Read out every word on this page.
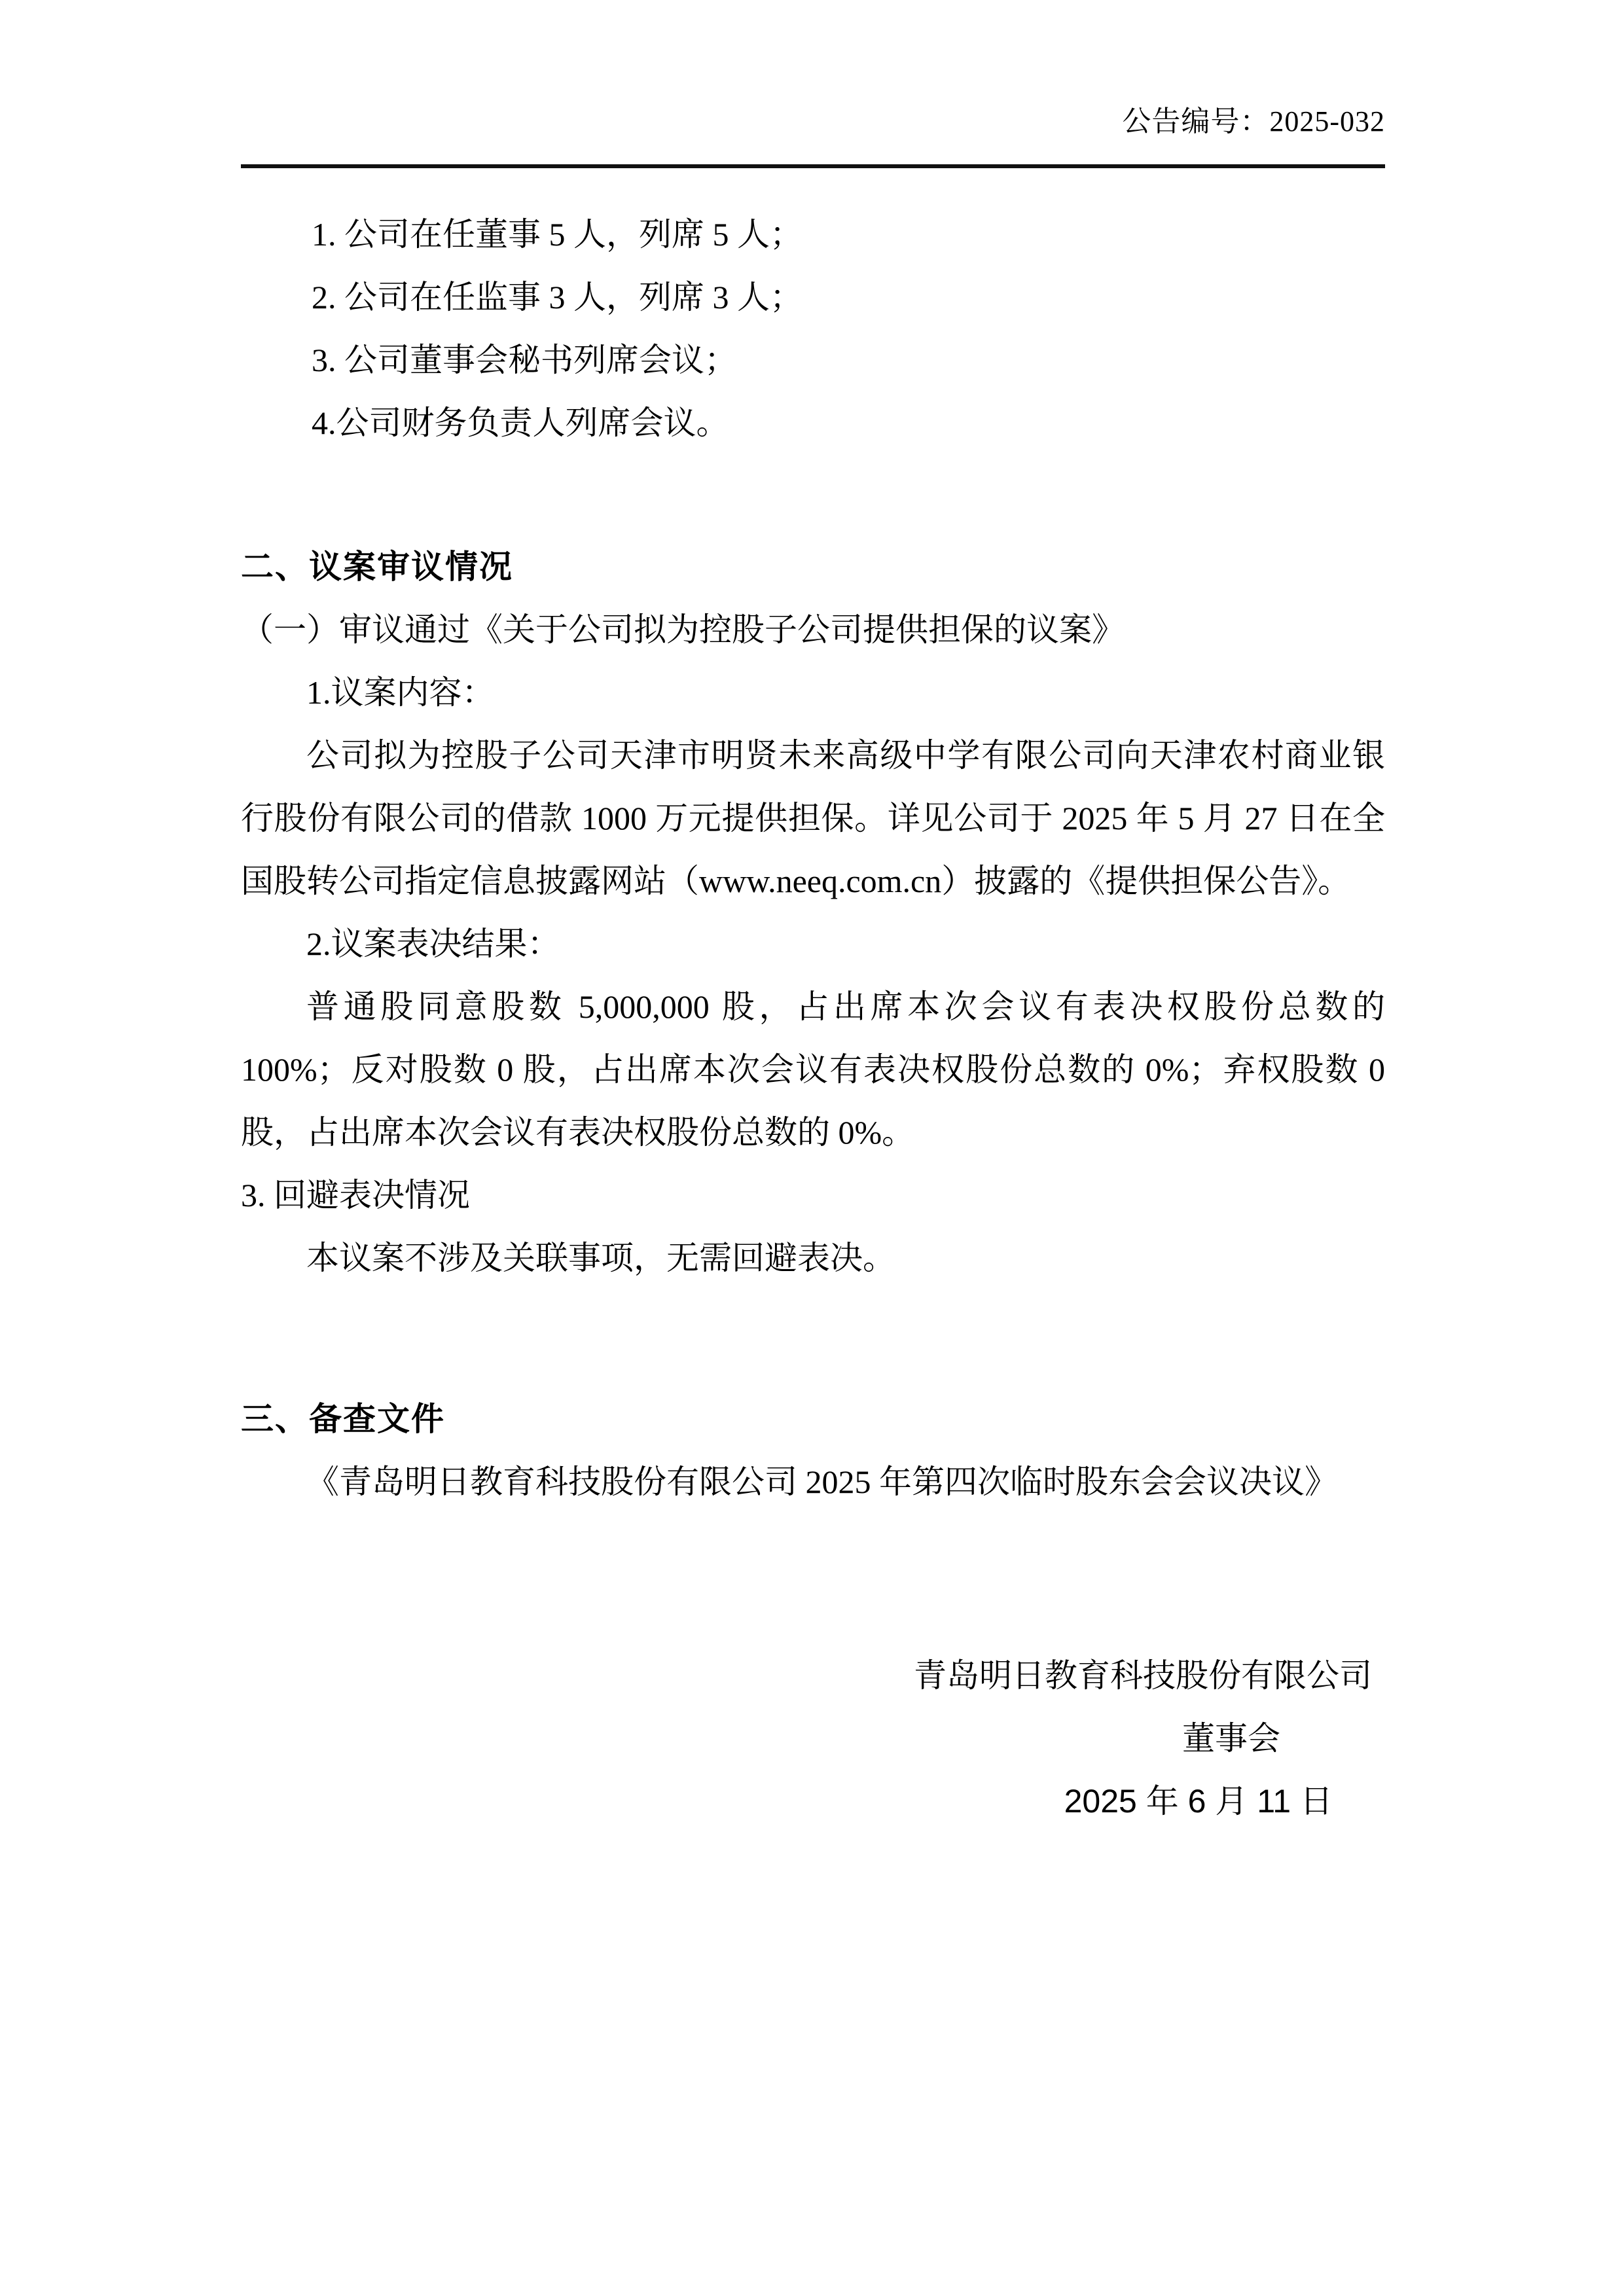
公告编号：2025-032

1. 公司在任董事 5 人，列席 5 人；

2. 公司在任监事 3 人，列席 3 人；

3. 公司董事会秘书列席会议；

4.公司财务负责人列席会议。

二、议案审议情况

（一）审议通过《关于公司拟为控股子公司提供担保的议案》

1.议案内容：

公司拟为控股子公司天津市明贤未来高级中学有限公司向天津农村商业银行股份有限公司的借款 1000 万元提供担保。详见公司于 2025 年 5 月 27 日在全国股转公司指定信息披露网站（www.neeq.com.cn）披露的《提供担保公告》。

2.议案表决结果：

普通股同意股数 5,000,000 股，占出席本次会议有表决权股份总数的 100%；反对股数 0 股，占出席本次会议有表决权股份总数的 0%；弃权股数 0 股，占出席本次会议有表决权股份总数的 0%。

3. 回避表决情况

本议案不涉及关联事项，无需回避表决。

三、备查文件

《青岛明日教育科技股份有限公司 2025 年第四次临时股东会会议决议》

青岛明日教育科技股份有限公司

董事会

2025 年 6 月 11 日
